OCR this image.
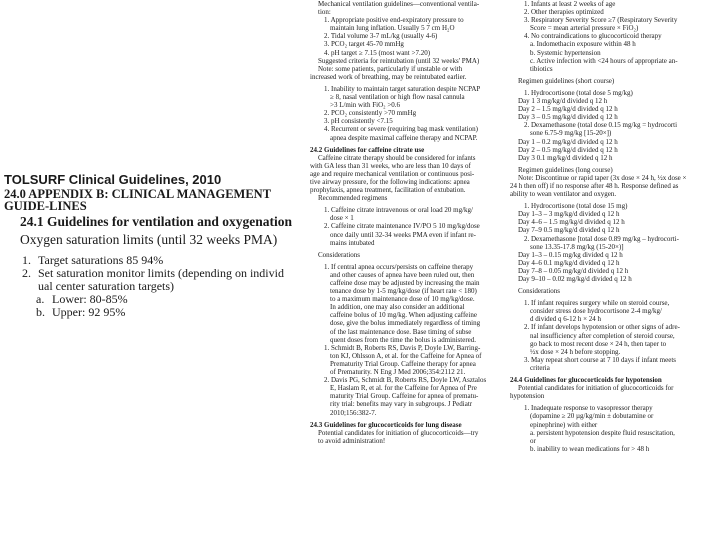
TOLSURF Clinical Guidelines, 2010
24.0 APPENDIX B: CLINICAL MANAGEMENT GUIDE-LINES
24.1 Guidelines for ventilation and oxygenation
Oxygen saturation limits (until 32 weeks PMA)
1. Target saturations 85 94%
2. Set saturation monitor limits (depending on individ ual center saturation targets)
a. Lower: 80-85%
b. Upper: 92 95%

Mechanical ventilation guidelines—conventional ventila-

tion:

1. Appropriate positive end-expiratory pressure to

maintain lung inflation. Usually 5 7 cm H₂O

2. Tidal volume 3-7 mL/kg (usually 4-6)

3. PCO₂ target 45-70 mmHg

4. pH target ≥ 7.15 (most want >7.20)

Suggested criteria for reintubation (until 32 weeks' PMA)

Note: some patients, particularly if unstable or with

increased work of breathing, may be reintubated earlier.

1. Inability to maintain target saturation despite NCPAP

≥ 8, nasal ventilation or high flow nasal cannula

>3 L/min with FiO₂ >0.6

2. PCO₂ consistently >70 mmHg

3. pH consistently <7.15

4. Recurrent or severe (requiring bag mask ventilation)

apnea despite maximal caffeine therapy and NCPAP.

24.2 Guidelines for caffeine citrate use

Caffeine citrate therapy should be considered for infants

with GA less than 31 weeks, who are less than 10 days of

age and require mechanical ventilation or continuous posi-

tive airway pressure, for the following indications: apnea

prophylaxis, apnea treatment, facilitation of extubation.

Recommended regimens

1. Caffeine citrate intravenous or oral load 20 mg/kg/

dose × 1

2. Caffeine citrate maintenance IV/PO 5 10 mg/kg/dose

once daily until 32-34 weeks PMA even if infant re-

mains intubated

Considerations

1. If central apnea occurs/persists on caffeine therapy

and other causes of apnea have been ruled out, then

caffeine dose may be adjusted by increasing the main

tenance dose by 1-5 mg/kg/dose (if heart rate < 180)

to a maximum maintenance dose of 10 mg/kg/dose.

In addition, one may also consider an additional

caffeine bolus of 10 mg/kg. When adjusting caffeine

dose, give the bolus immediately regardless of timing

of the last maintenance dose. Base timing of subse

quent doses from the time the bolus is administered.

1. Schmidt B, Roberts RS, Davis P, Doyle LW, Barring-

ton KJ, Ohlsson A, et al. for the Caffeine for Apnea of

Prematurity Trial Group. Caffeine therapy for apnea

of Prematurity. N Eng J Med 2006;354:2112 21.

2. Davis PG, Schmidt B, Roberts RS, Doyle LW, Asztalos

E, Haslam R, et al. for the Caffeine for Apnea of Pre

maturity Trial Group. Caffeine for apnea of prematu-

rity trial: benefits may vary in subgroups. J Pediatr

2010;156:382-7.

24.3 Guidelines for glucocorticoids for lung disease

Potential candidates for initiation of glucocorticoids—try

to avoid administration!

1. Infants at least 2 weeks of age

2. Other therapies optimized

3. Respiratory Severity Score ≥7 (Respiratory Severity

Score = mean arterial pressure × FiO₂)

4. No contraindications to glucocorticoid therapy

a. Indomethacin exposure within 48 h

b. Systemic hypertension

c. Active infection with <24 hours of appropriate an-

tibiotics

Regimen guidelines (short course)

1. Hydrocortisone (total dose 5 mg/kg)

Day 1 3 mg/kg/d divided q 12 h

Day 2 – 1.5 mg/kg/d divided q 12 h

Day 3 – 0.5 mg/kg/d divided q 12 h

2. Dexamethasone (total dose 0.15 mg/kg = hydrocorti

sone 6.75-9 mg/kg [15-20×])

Day 1 – 0.2 mg/kg/d divided q 12 h

Day 2 – 0.5 mg/kg/d divided q 12 h

Day 3 0.1 mg/kg/d divided q 12 h

Regimen guidelines (long course)

Note: Discontinue or rapid taper (3x dose × 24 h, ½x dose ×

24 h then off) if no response after 48 h. Response defined as

ability to wean ventilator and oxygen.

1. Hydrocortisone (total dose 15 mg)

Day 1–3 – 3 mg/kg/d divided q 12 h

Day 4–6 – 1.5 mg/kg/d divided q 12 h

Day 7–9 0.5 mg/kg/d divided q 12 h

2. Dexamethasone [total dose 0.89 mg/kg – hydrocorti-

sone 13.35-17.8 mg/kg (15-20×)]

Day 1–3 – 0.15 mg/kg divided q 12 h

Day 4–6 0.1 mg/kg/d divided q 12 h

Day 7–8 – 0.05 mg/kg/d divided q 12 h

Day 9–10 – 0.02 mg/kg/d divided q 12 h

Considerations

1. If infant requires surgery while on steroid course,

consider stress dose hydrocortisone 2-4 mg/kg/

d divided q 6-12 h × 24 h

2. If infant develops hypotension or other signs of adre-

nal insufficiency after completion of steroid course,

go back to most recent dose × 24 h, then taper to

½x dose × 24 h before stopping.

3. May repeat short course at 7 10 days if infant meets

criteria

24.4 Guidelines for glucocorticoids for hypotension

Potential candidates for initiation of glucocorticoids for

hypotension

1. Inadequate response to vasopressor therapy

(dopamine ≥ 20 µg/kg/min ± dobutamine or

epinephrine) with either

a. persistent hypotension despite fluid resuscitation,

or

b. inability to wean medications for > 48 h
